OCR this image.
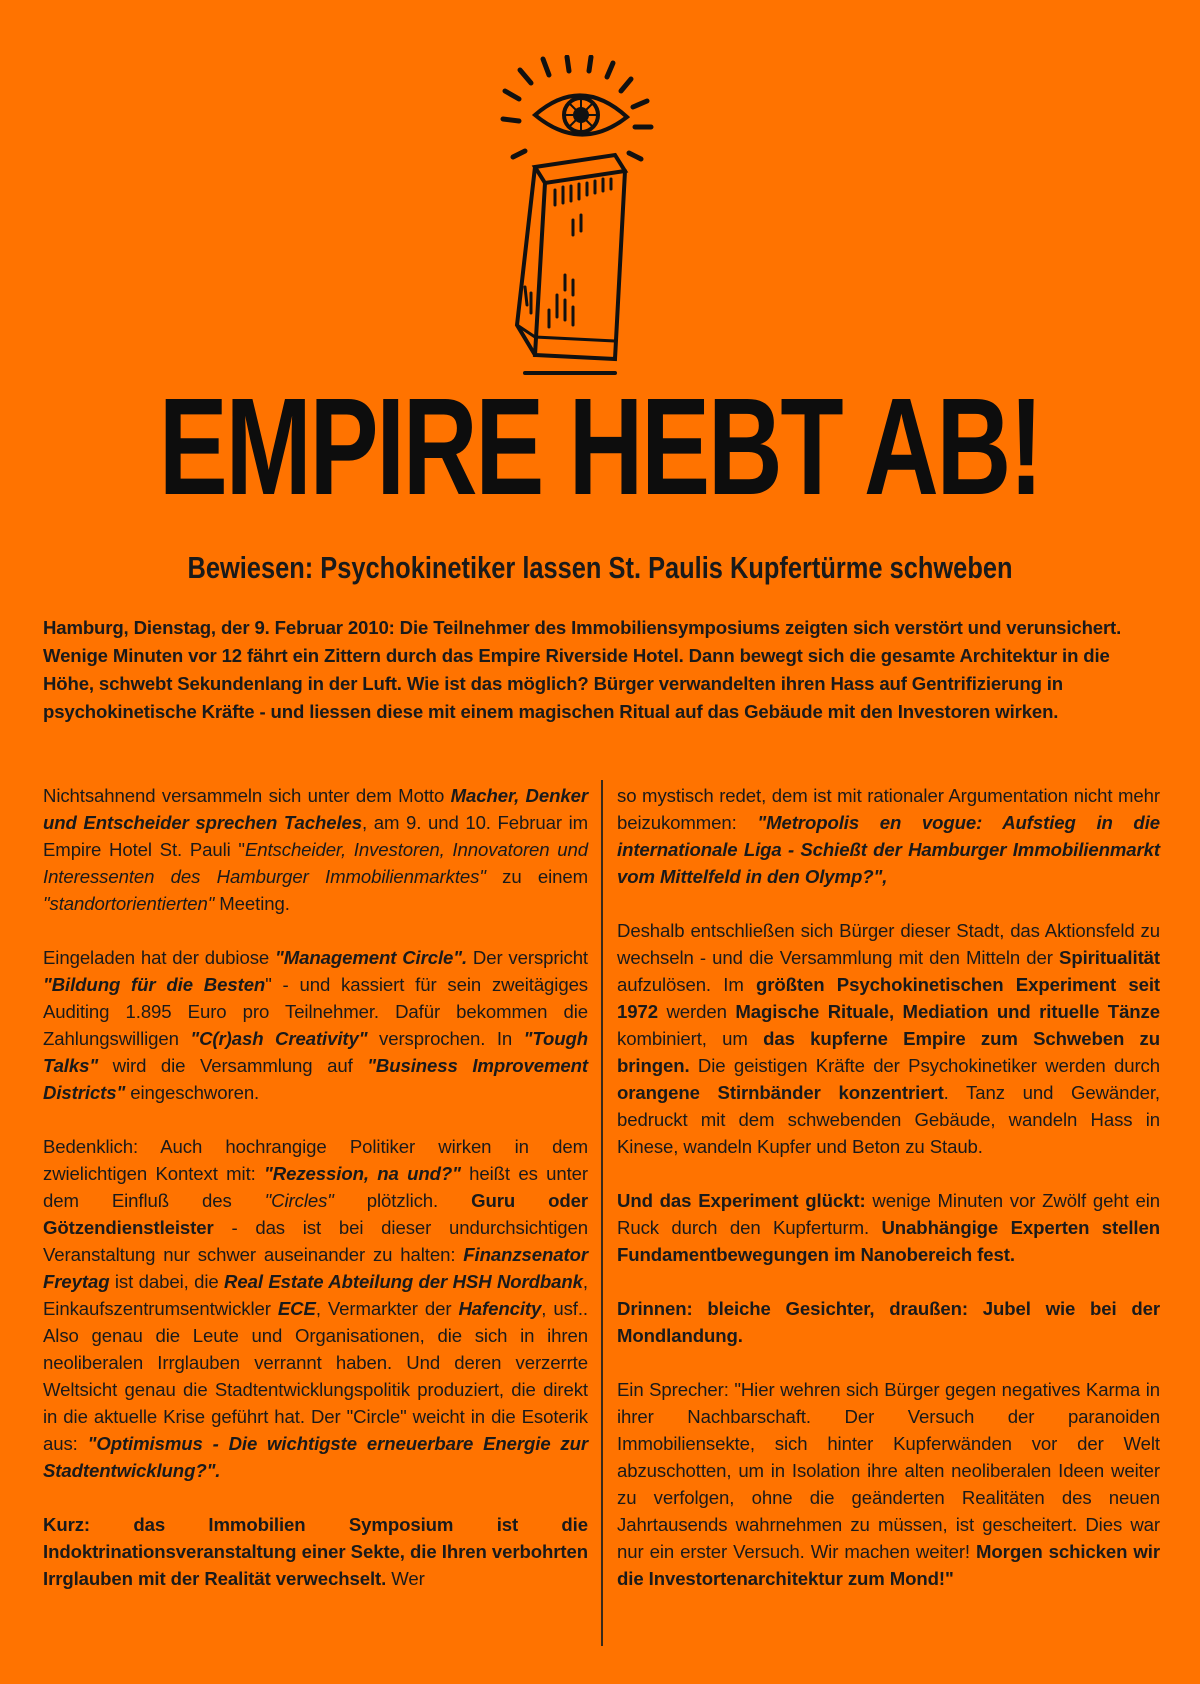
EMPIRE HEBT AB!
Bewiesen: Psychokinetiker lassen St. Paulis Kupfertürme schweben

Hamburg, Dienstag, der 9. Februar 2010: Die Teilnehmer des Immobiliensymposiums zeigten sich verstört und verunsichert. Wenige Minuten vor 12 fährt ein Zittern durch das Empire Riverside Hotel. Dann bewegt sich die gesamte Architektur in die Höhe, schwebt Sekundenlang in der Luft. Wie ist das möglich? Bürger verwandelten ihren Hass auf Gentrifizierung in psychokinetische Kräfte - und liessen diese mit einem magischen Ritual auf das Gebäude mit den Investoren wirken.

Nichtsahnend versammeln sich unter dem Motto Macher, Denker und Entscheider sprechen Tacheles, am 9. und 10. Februar im Empire Hotel St. Pauli "Entscheider, Investoren, Innovatoren und Interessenten des Hamburger Immobilienmarktes" zu einem "standortorientierten" Meeting.

Eingeladen hat der dubiose "Management Circle". Der verspricht "Bildung für die Besten" - und kassiert für sein zweitägiges Auditing 1.895 Euro pro Teilnehmer. Dafür bekommen die Zahlungswilligen "C(r)ash Creativity" versprochen. In "Tough Talks" wird die Versammlung auf "Business Improvement Districts" eingeschworen.

Bedenklich: Auch hochrangige Politiker wirken in dem zwielichtigen Kontext mit: "Rezession, na und?" heißt es unter dem Einfluß des "Circles" plötzlich. Guru oder Götzendienstleister - das ist bei dieser undurchsichtigen Veranstaltung nur schwer auseinander zu halten: Finanzsenator Freytag ist dabei, die Real Estate Abteilung der HSH Nordbank, Einkaufszentrumsentwickler ECE, Vermarkter der Hafencity, usf.. Also genau die Leute und Organisationen, die sich in ihren neoliberalen Irrglauben verrannt haben. Und deren verzerrte Weltsicht genau die Stadtentwicklungspolitik produziert, die direkt in die aktuelle Krise geführt hat. Der "Circle" weicht in die Esoterik aus: "Optimismus - Die wichtigste erneuerbare Energie zur Stadtentwicklung?".

Kurz: das Immobilien Symposium ist die Indoktrinationsveranstaltung einer Sekte, die Ihren verbohrten Irrglauben mit der Realität verwechselt. Wer

so mystisch redet, dem ist mit rationaler Argumentation nicht mehr beizukommen: "Metropolis en vogue: Aufstieg in die internationale Liga - Schießt der Hamburger Immobilienmarkt vom Mittelfeld in den Olymp?",

Deshalb entschließen sich Bürger dieser Stadt, das Aktionsfeld zu wechseln - und die Versammlung mit den Mitteln der Spiritualität aufzulösen. Im größten Psychokinetischen Experiment seit 1972 werden Magische Rituale, Mediation und rituelle Tänze kombiniert, um das kupferne Empire zum Schweben zu bringen. Die geistigen Kräfte der Psychokinetiker werden durch orangene Stirnbänder konzentriert. Tanz und Gewänder, bedruckt mit dem schwebenden Gebäude, wandeln Hass in Kinese, wandeln Kupfer und Beton zu Staub.

Und das Experiment glückt: wenige Minuten vor Zwölf geht ein Ruck durch den Kupferturm. Unabhängige Experten stellen Fundamentbewegungen im Nanobereich fest.

Drinnen: bleiche Gesichter, draußen: Jubel wie bei der Mondlandung.

Ein Sprecher: "Hier wehren sich Bürger gegen negatives Karma in ihrer Nachbarschaft. Der Versuch der paranoiden Immobiliensekte, sich hinter Kupferwänden vor der Welt abzuschotten, um in Isolation ihre alten neoliberalen Ideen weiter zu verfolgen, ohne die geänderten Realitäten des neuen Jahrtausends wahrnehmen zu müssen, ist gescheitert. Dies war nur ein erster Versuch. Wir machen weiter! Morgen schicken wir die Investortenarchitektur zum Mond!"
